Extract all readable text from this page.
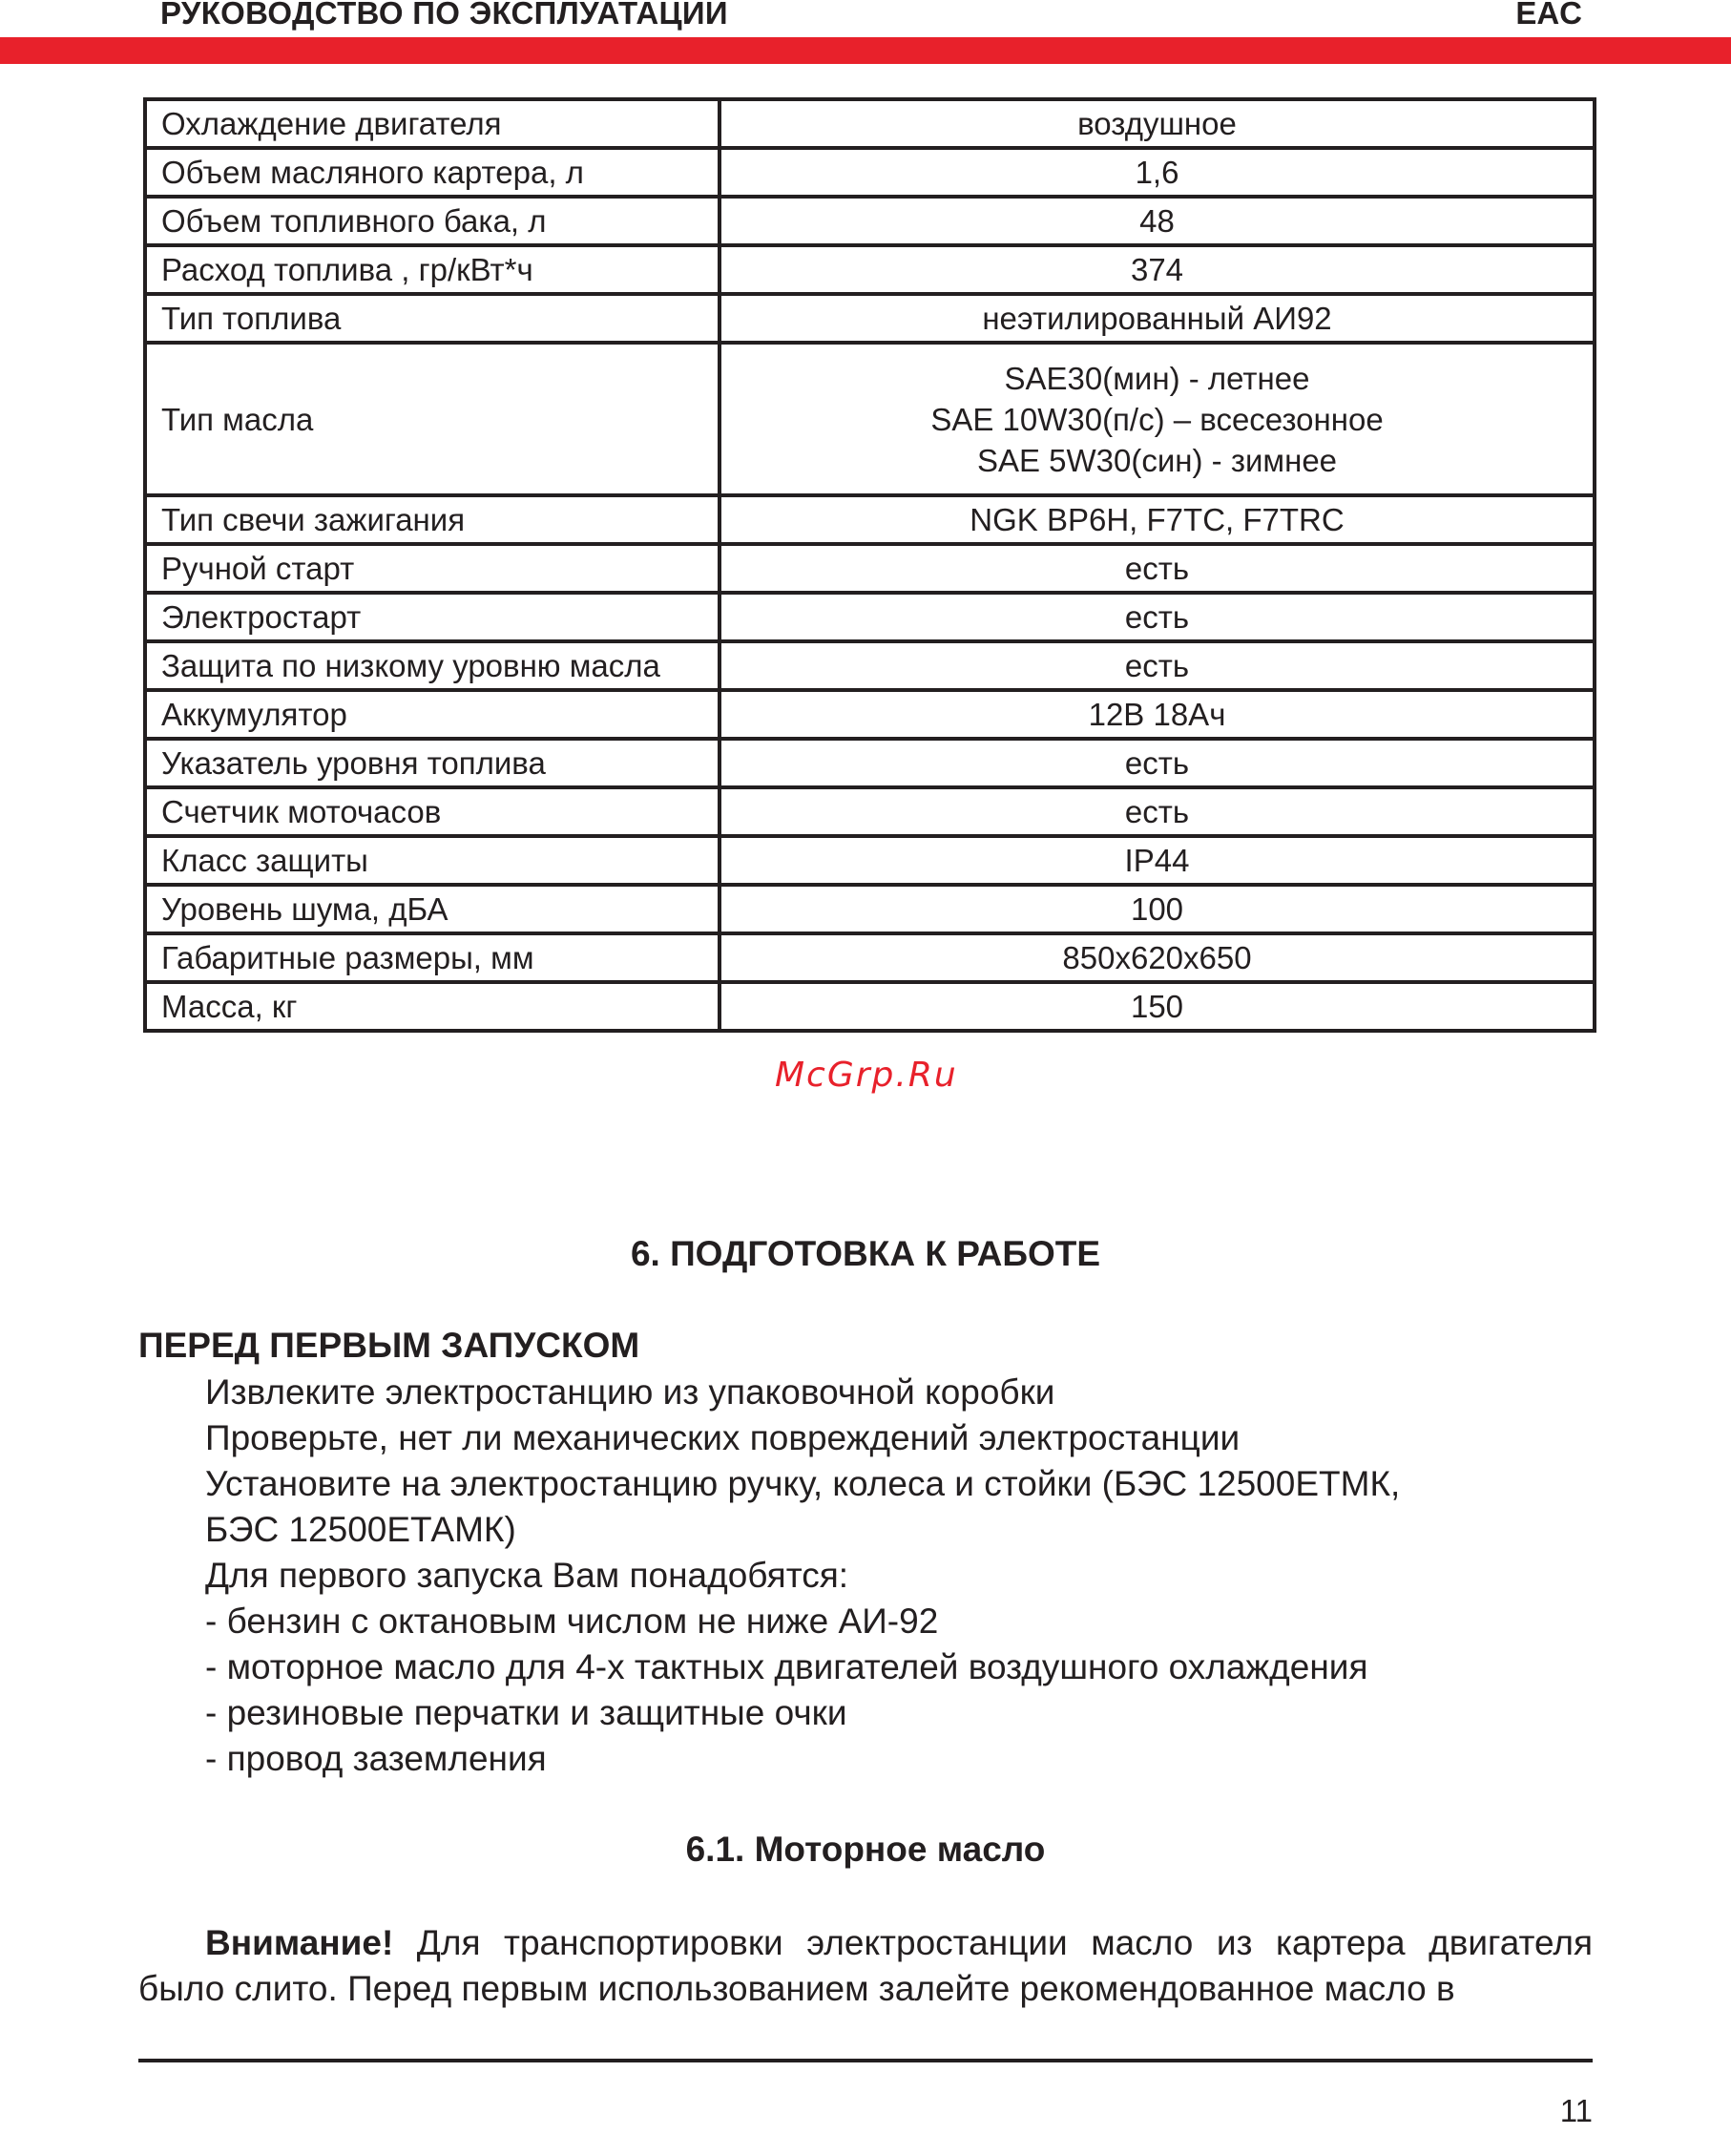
РУКОВОДСТВО ПО ЭКСПЛУАТАЦИИ	EAC
Охлаждение двигателя	воздушное
Объем масляного картера, л	1,6
Объем топливного бака, л	48
Расход топлива , гр/кВт*ч	374
Тип топлива	неэтилированный АИ92
Тип масла	SAE30(мин) - летнее
SAE 10W30(п/с) – всесезонное
SAE 5W30(син) - зимнее

Тип свечи зажигания	NGK BP6H, F7TC, F7TRC
Ручной старт	есть
Электростарт	есть
Защита по низкому уровню масла	есть
Аккумулятор	12В 18Ач
Указатель уровня топлива	есть
Счетчик моточасов	есть
Класс защиты	IP44
Уровень шума, дБА	100
Габаритные размеры, мм	850x620x650
Масса, кг	150
McGrp.Ru
6. ПОДГОТОВКА К РАБОТЕ
ПЕРЕД ПЕРВЫМ ЗАПУСКОМ
Извлеките электростанцию из упаковочной коробки
Проверьте, нет ли механических повреждений электростанции
Установите на электростанцию ручку, колеса и стойки (БЭС 12500ЕТМК,
БЭС 12500ЕТАМК)
Для первого запуска Вам понадобятся:
- бензин с октановым числом не ниже АИ-92
- моторное масло для 4-х тактных двигателей воздушного охлаждения
- резиновые перчатки и защитные очки
- провод заземления
6.1. Моторное масло
Внимание! Для транспортировки электростанции масло из картера двигателя было слито. Перед первым использованием залейте рекомендованное масло в
11
